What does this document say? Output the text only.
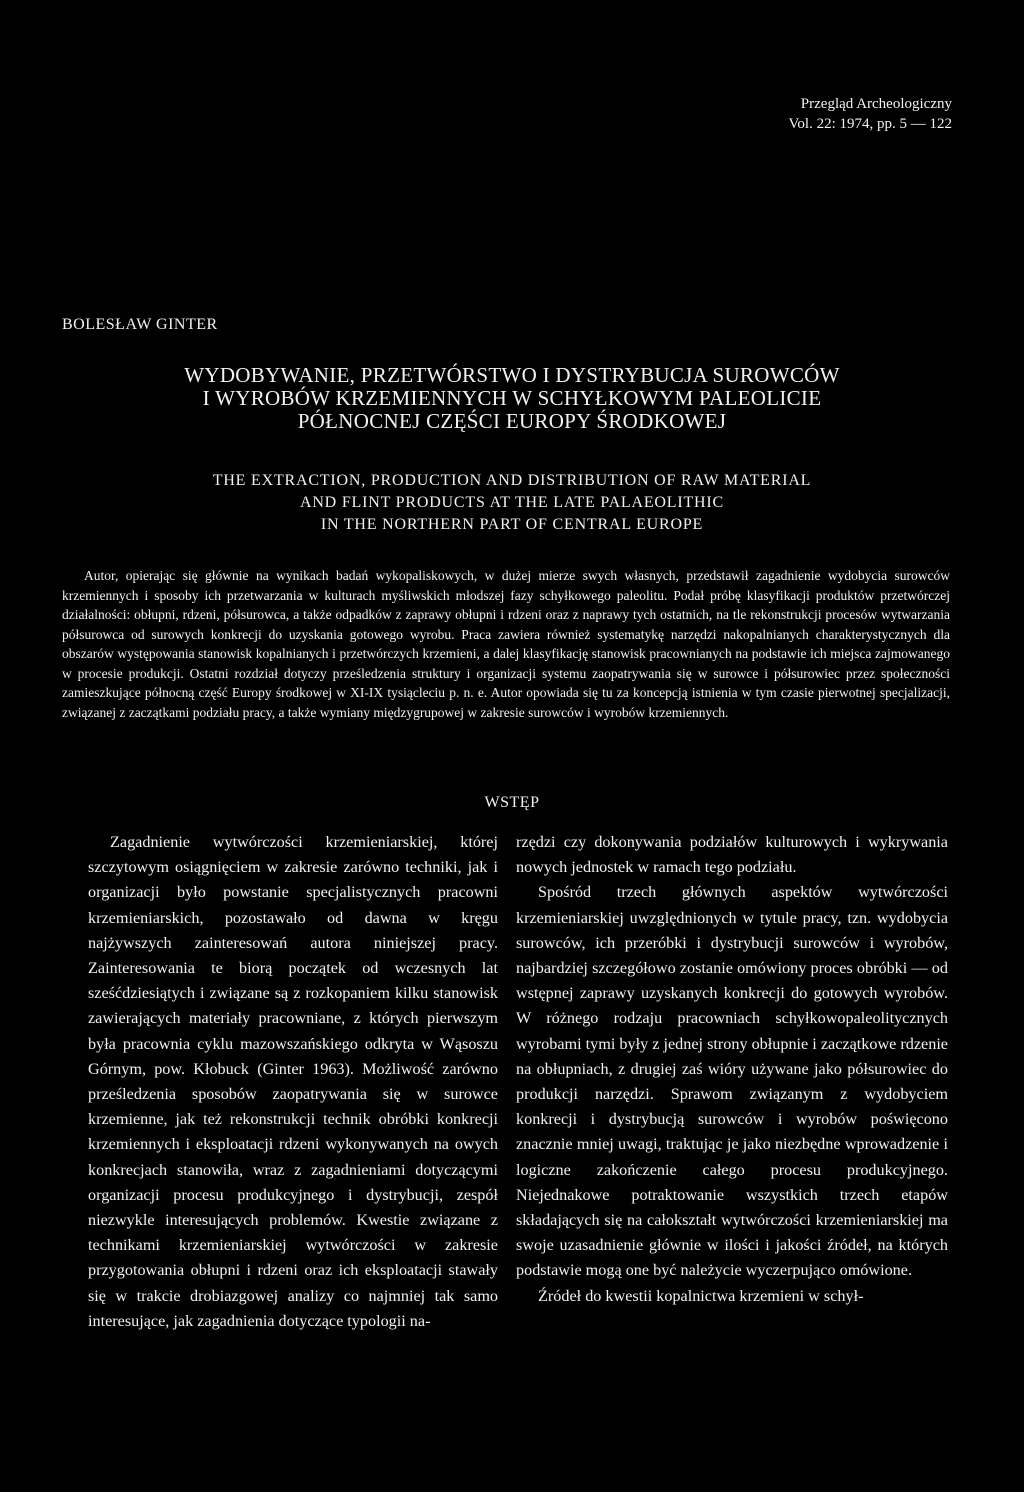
Przegląd Archeologiczny
Vol. 22: 1974, pp. 5 — 122
BOLESŁAW GINTER
WYDOBYWANIE, PRZETWÓRSTWO I DYSTRYBUCJA SUROWCÓW
I WYROBÓW KRZEMIENNYCH W SCHYŁKOWYM PALEOLICIE
PÓŁNOCNEJ CZĘŚCI EUROPY ŚRODKOWEJ
THE EXTRACTION, PRODUCTION AND DISTRIBUTION OF RAW MATERIAL
AND FLINT PRODUCTS AT THE LATE PALAEOLITHIC
IN THE NORTHERN PART OF CENTRAL EUROPE

Autor, opierając się głównie na wynikach badań wykopaliskowych, w dużej mierze swych własnych, przedstawił zagadnienie wydobycia surowców krzemiennych i sposoby ich przetwarzania w kulturach myśliwskich młodszej fazy schyłkowego paleolitu. Podał próbę klasyfikacji produktów przetwórczej działalności: obłupni, rdzeni, półsurowca, a także odpadków z zaprawy obłupni i rdzeni oraz z naprawy tych ostatnich, na tle rekonstrukcji procesów wytwarzania półsurowca od surowych konkrecji do uzyskania gotowego wyrobu. Praca zawiera również systematykę narzędzi nakopalnianych charakterystycznych dla obszarów występowania stanowisk kopalnianych i przetwórczych krzemieni, a dalej klasyfikację stanowisk pracownianych na podstawie ich miejsca zajmowanego w procesie produkcji. Ostatni rozdział dotyczy prześledzenia struktury i organizacji systemu zaopatrywania się w surowce i półsurowiec przez społeczności zamieszkujące północną część Europy środkowej w XI-IX tysiącleciu p. n. e. Autor opowiada się tu za koncepcją istnienia w tym czasie pierwotnej specjalizacji, związanej z zaczątkami podziału pracy, a także wymiany międzygrupowej w zakresie surowców i wyrobów krzemiennych.

WSTĘP

Zagadnienie wytwórczości krzemieniarskiej, której szczytowym osiągnięciem w zakresie zarówno techniki, jak i organizacji było powstanie specjalistycznych pracowni krzemieniarskich, pozostawało od dawna w kręgu najżywszych zainteresowań autora niniejszej pracy. Zainteresowania te biorą początek od wczesnych lat sześćdziesiątych i związane są z rozkopaniem kilku stanowisk zawierających materiały pracowniane, z których pierwszym była pracownia cyklu mazowszańskiego odkryta w Wąsoszu Górnym, pow. Kłobuck (Ginter 1963). Możliwość zarówno prześledzenia sposobów zaopatrywania się w surowce krzemienne, jak też rekonstrukcji technik obróbki konkrecji krzemiennych i eksploatacji rdzeni wykonywanych na owych konkrecjach stanowiła, wraz z zagadnieniami dotyczącymi organizacji procesu produkcyjnego i dystrybucji, zespół niezwykle interesujących problemów. Kwestie związane z technikami krzemieniarskiej wytwórczości w zakresie przygotowania obłupni i rdzeni oraz ich eksploatacji stawały się w trakcie drobiazgowej analizy co najmniej tak samo interesujące, jak zagadnienia dotyczące typologii na-

rzędzi czy dokonywania podziałów kulturowych i wykrywania nowych jednostek w ramach tego podziału.

Spośród trzech głównych aspektów wytwórczości krzemieniarskiej uwzględnionych w tytule pracy, tzn. wydobycia surowców, ich przeróbki i dystrybucji surowców i wyrobów, najbardziej szczegółowo zostanie omówiony proces obróbki — od wstępnej zaprawy uzyskanych konkrecji do gotowych wyrobów. W różnego rodzaju pracowniach schyłkowopaleolitycznych wyrobami tymi były z jednej strony obłupnie i zaczątkowe rdzenie na obłupniach, z drugiej zaś wióry używane jako półsurowiec do produkcji narzędzi. Sprawom związanym z wydobyciem konkrecji i dystrybucją surowców i wyrobów poświęcono znacznie mniej uwagi, traktując je jako niezbędne wprowadzenie i logiczne zakończenie całego procesu produkcyjnego. Niejednakowe potraktowanie wszystkich trzech etapów składających się na całokształt wytwórczości krzemieniarskiej ma swoje uzasadnienie głównie w ilości i jakości źródeł, na których podstawie mogą one być należycie wyczerpująco omówione.

Źródeł do kwestii kopalnictwa krzemieni w schył-
